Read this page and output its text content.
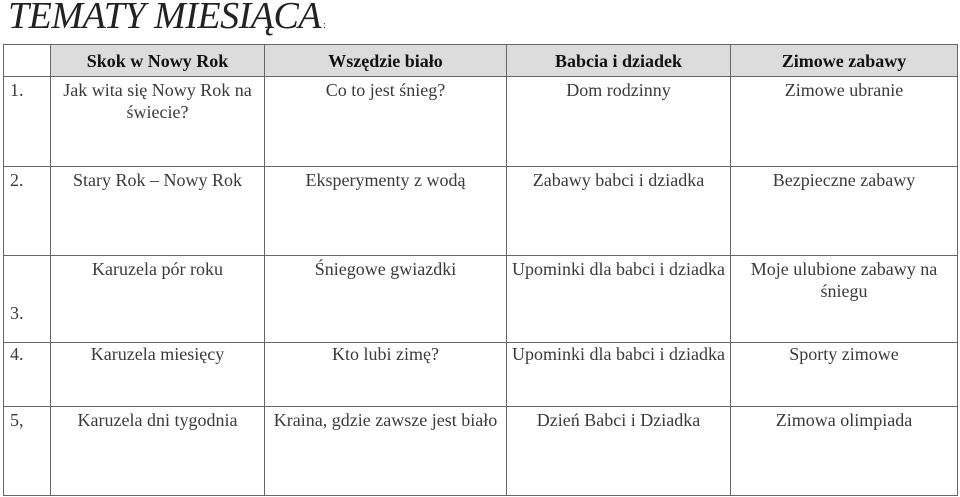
TEMATY MIESIĄCA :
	Skok w Nowy Rok	Wszędzie biało	Babcia i dziadek	Zimowe zabawy
1.	Jak wita się Nowy Rok na świecie?	Co to jest śnieg?	Dom rodzinny	Zimowe ubranie
2.	Stary Rok – Nowy Rok	Eksperymenty z wodą	Zabawy babci i dziadka	Bezpieczne zabawy
3.	Karuzela pór roku	Śniegowe gwiazdki	Upominki dla babci i dziadka	Moje ulubione zabawy na śniegu
4.	Karuzela miesięcy	Kto lubi zimę?	Upominki dla babci i dziadka	Sporty zimowe
5,	Karuzela dni tygodnia	Kraina, gdzie zawsze jest biało	Dzień Babci i Dziadka	Zimowa olimpiada
